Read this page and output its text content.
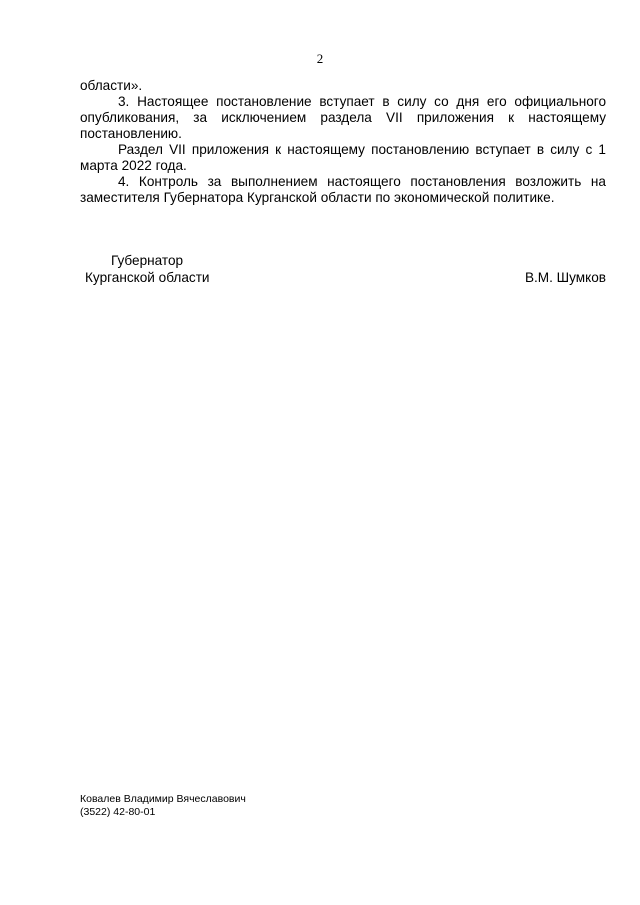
2

области».

3. Настоящее постановление вступает в силу со дня его официального опубликования, за исключением раздела VII приложения к настоящему постановлению.

Раздел VII приложения к настоящему постановлению вступает в силу с 1 марта 2022 года.

4. Контроль за выполнением настоящего постановления возложить на заместителя Губернатора Курганской области по экономической политике.

Губернатор
Курганской области	В.М. Шумков
Ковалев Владимир Вячеславович
(3522) 42-80-01
